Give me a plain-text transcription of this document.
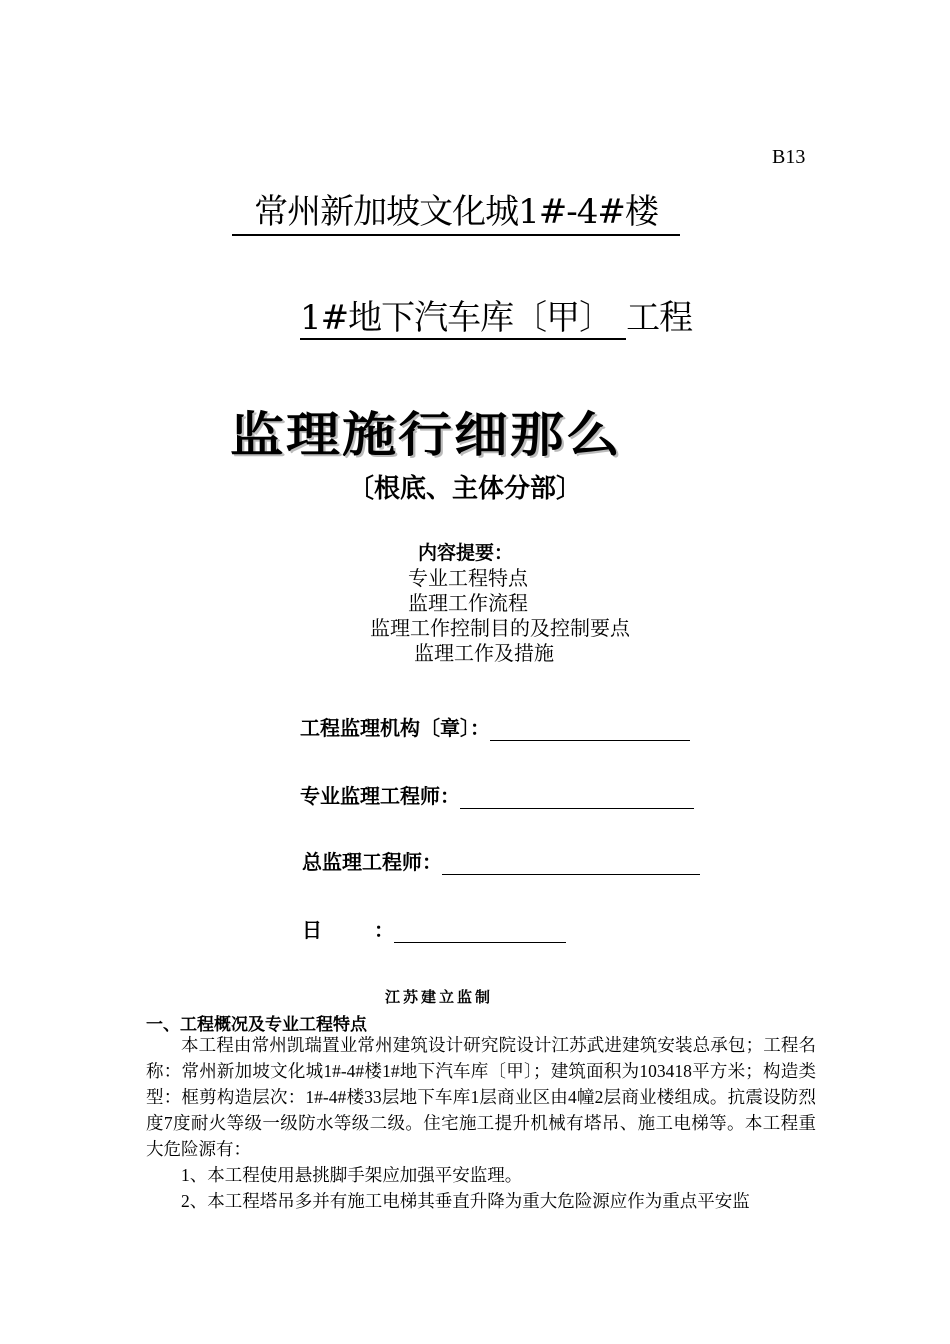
B13
常州新加坡文化城1#-4#楼
1#地下汽车库〔甲〕 工程
监理施行细那么
〔根底、主体分部〕
内容提要：
专业工程特点
监理工作流程
监理工作控制目的及控制要点
监理工作及措施
工程监理机构〔章〕：
专业监理工程师：
总监理工程师：
日	：
江苏建立监制
一、工程概况及专业工程特点

本工程由常州凯瑞置业常州建筑设计研究院设计江苏武进建筑安装总承包；工程名称：常州新加坡文化城1#-4#楼1#地下汽车库〔甲〕；建筑面积为103418平方米；构造类型：框剪构造层次：1#-4#楼33层地下车库1层商业区由4幢2层商业楼组成。抗震设防烈度7度耐火等级一级防水等级二级。住宅施工提升机械有塔吊、施工电梯等。本工程重大危险源有：

1、本工程使用悬挑脚手架应加强平安监理。

2、本工程塔吊多并有施工电梯其垂直升降为重大危险源应作为重点平安监
